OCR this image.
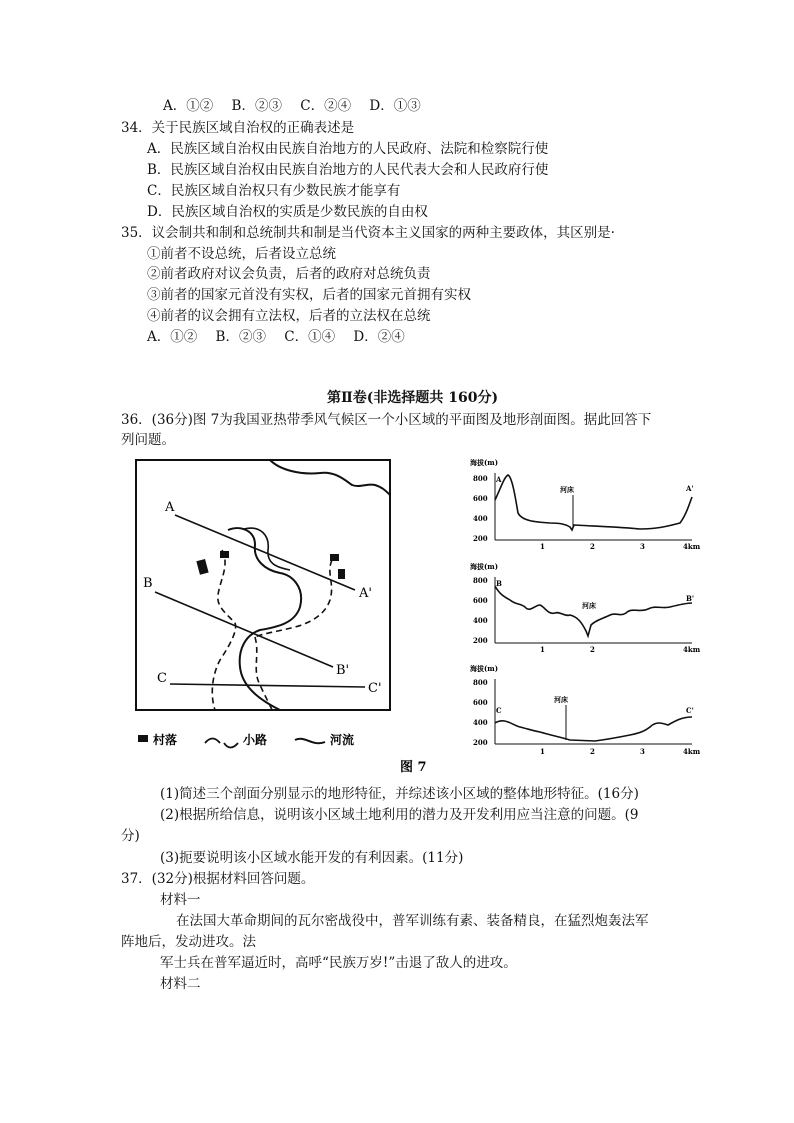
A．①② B．②③ C．②④ D．①③
34．关于民族区域自治权的正确表述是
A．民族区域自治权由民族自治地方的人民政府、法院和检察院行使
B．民族区域自治权由民族自治地方的人民代表大会和人民政府行使
C．民族区域自治权只有少数民族才能享有
D．民族区域自治权的实质是少数民族的自由权
35．议会制共和制和总统制共和制是当代资本主义国家的两种主要政体，其区别是·
①前者不设总统，后者设立总统
②前者政府对议会负责，后者的政府对总统负责
③前者的国家元首没有实权，后者的国家元首拥有实权
④前者的议会拥有立法权，后者的立法权在总统
A．①② B．②③ C．①④ D．②④
第Ⅱ卷(非选择题共 160分)
36．(36分)图 7为我国亚热带季风气候区一个小区域的平面图及地形剖面图。据此回答下
列问题。
A
A'
B
B'
C
C'
村落	小路	河流
图 7
海拔(m)
800
600
400
200
A
A'
河床
1	2	3	4km
海拔(m)
800
600
400
200
B
B'
河床
1	2	4km
海拔(m)
800
600
400
200
C	C'
河床
1	2	3	4km
(1)简述三个剖面分别显示的地形特征，并综述该小区域的整体地形特征。(16分)
(2)根据所给信息，说明该小区域土地利用的潜力及开发利用应当注意的问题。(9
分)
(3)扼要说明该小区域水能开发的有利因素。(11分)
37．(32分)根据材料回答问题。
材料一
在法国大革命期间的瓦尔密战役中，普军训练有素、装备精良，在猛烈炮轰法军
阵地后，发动进攻。法
军士兵在普军逼近时，高呼“民族万岁!”击退了敌人的进攻。
材料二
